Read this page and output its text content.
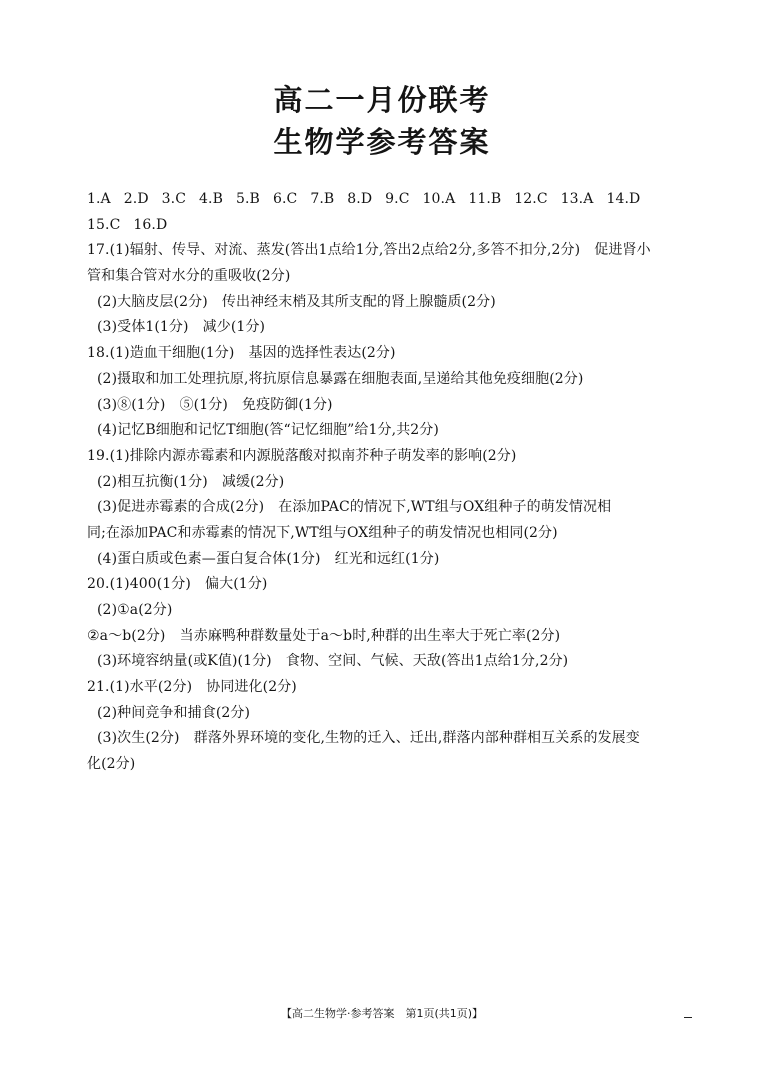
高二一月份联考
生物学参考答案
1.A 2.D 3.C 4.B 5.B 6.C 7.B 8.D 9.C 10.A 11.B 12.C 13.A 14.D
15.C 16.D
17.(1)辐射、传导、对流、蒸发(答出1点给1分,答出2点给2分,多答不扣分,2分)　促进肾小
管和集合管对水分的重吸收(2分)
(2)大脑皮层(2分)　传出神经末梢及其所支配的肾上腺髓质(2分)
(3)受体1(1分)　减少(1分)
18.(1)造血干细胞(1分)　基因的选择性表达(2分)
(2)摄取和加工处理抗原,将抗原信息暴露在细胞表面,呈递给其他免疫细胞(2分)
(3)⑧(1分)　⑤(1分)　免疫防御(1分)
(4)记忆B细胞和记忆T细胞(答“记忆细胞”给1分,共2分)
19.(1)排除内源赤霉素和内源脱落酸对拟南芥种子萌发率的影响(2分)
(2)相互抗衡(1分)　减缓(2分)
(3)促进赤霉素的合成(2分)　在添加PAC的情况下,WT组与OX组种子的萌发情况相
同;在添加PAC和赤霉素的情况下,WT组与OX组种子的萌发情况也相同(2分)
(4)蛋白质或色素—蛋白复合体(1分)　红光和远红(1分)
20.(1)400(1分)　偏大(1分)
(2)①a(2分)
②a～b(2分)　当赤麻鸭种群数量处于a～b时,种群的出生率大于死亡率(2分)
(3)环境容纳量(或K值)(1分)　食物、空间、气候、天敌(答出1点给1分,2分)
21.(1)水平(2分)　协同进化(2分)
(2)种间竞争和捕食(2分)
(3)次生(2分)　群落外界环境的变化,生物的迁入、迁出,群落内部种群相互关系的发展变
化(2分)
【高二生物学·参考答案　第1页(共1页)】
